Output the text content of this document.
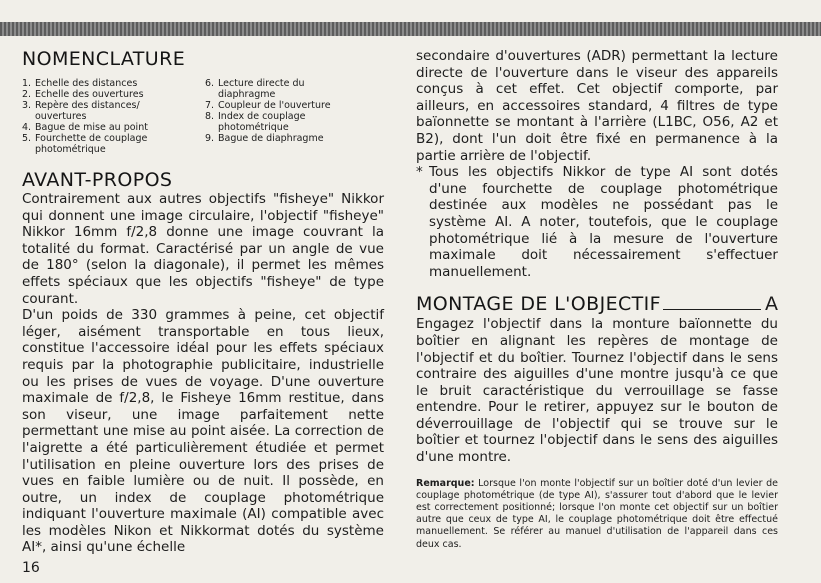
NOMENCLATURE
1. Echelle des distances
2. Echelle des ouvertures
3. Repère des distances/ ouvertures
4. Bague de mise au point
5. Fourchette de couplage photométrique
6. Lecture directe du diaphragme
7. Coupleur de l'ouverture
8. Index de couplage photométrique
9. Bague de diaphragme
AVANT-PROPOS

Contrairement aux autres objectifs "fisheye" Nikkor qui donnent une image circulaire, l'objectif "fisheye" Nikkor 16mm f/2,8 donne une image couvrant la totalité du format. Caractérisé par un angle de vue de 180° (selon la diagonale), il permet les mêmes effets spéciaux que les objectifs "fisheye" de type courant.

D'un poids de 330 grammes à peine, cet objectif léger, aisément transportable en tous lieux, constitue l'accessoire idéal pour les effets spéciaux requis par la photographie publicitaire, industrielle ou les prises de vues de voyage. D'une ouverture maximale de f/2,8, le Fisheye 16mm restitue, dans son viseur, une image parfaitement nette permettant une mise au point aisée. La correction de l'aigrette a été particulièrement étudiée et permet l'utilisation en pleine ouverture lors des prises de vues en faible lumière ou de nuit. Il possède, en outre, un index de couplage photométrique indiquant l'ouverture maximale (AI) compatible avec les modèles Nikon et Nikkormat dotés du système AI*, ainsi qu'une échelle

secondaire d'ouvertures (ADR) permettant la lecture directe de l'ouverture dans le viseur des appareils conçus à cet effet. Cet objectif comporte, par ailleurs, en accessoires standard, 4 filtres de type baïonnette se montant à l'arrière (L1BC, O56, A2 et B2), dont l'un doit être fixé en permanence à la partie arrière de l'objectif.

* Tous les objectifs Nikkor de type AI sont dotés d'une fourchette de couplage photométrique destinée aux modèles ne possédant pas le système AI. A noter, toutefois, que le couplage photométrique lié à la mesure de l'ouverture maximale doit nécessairement s'effectuer manuellement.
MONTAGE DE L'OBJECTIF	A

Engagez l'objectif dans la monture baïonnette du boîtier en alignant les repères de montage de l'objectif et du boîtier. Tournez l'objectif dans le sens contraire des aiguilles d'une montre jusqu'à ce que le bruit caractéristique du verrouillage se fasse entendre. Pour le retirer, appuyez sur le bouton de déverrouillage de l'objectif qui se trouve sur le boîtier et tournez l'objectif dans le sens des aiguilles d'une montre.

Remarque: Lorsque l'on monte l'objectif sur un boîtier doté d'un levier de couplage photométrique (de type AI), s'assurer tout d'abord que le levier est correctement positionné; lorsque l'on monte cet objectif sur un boîtier autre que ceux de type AI, le couplage photométrique doit être effectué manuellement. Se référer au manuel d'utilisation de l'appareil dans ces deux cas.
16
